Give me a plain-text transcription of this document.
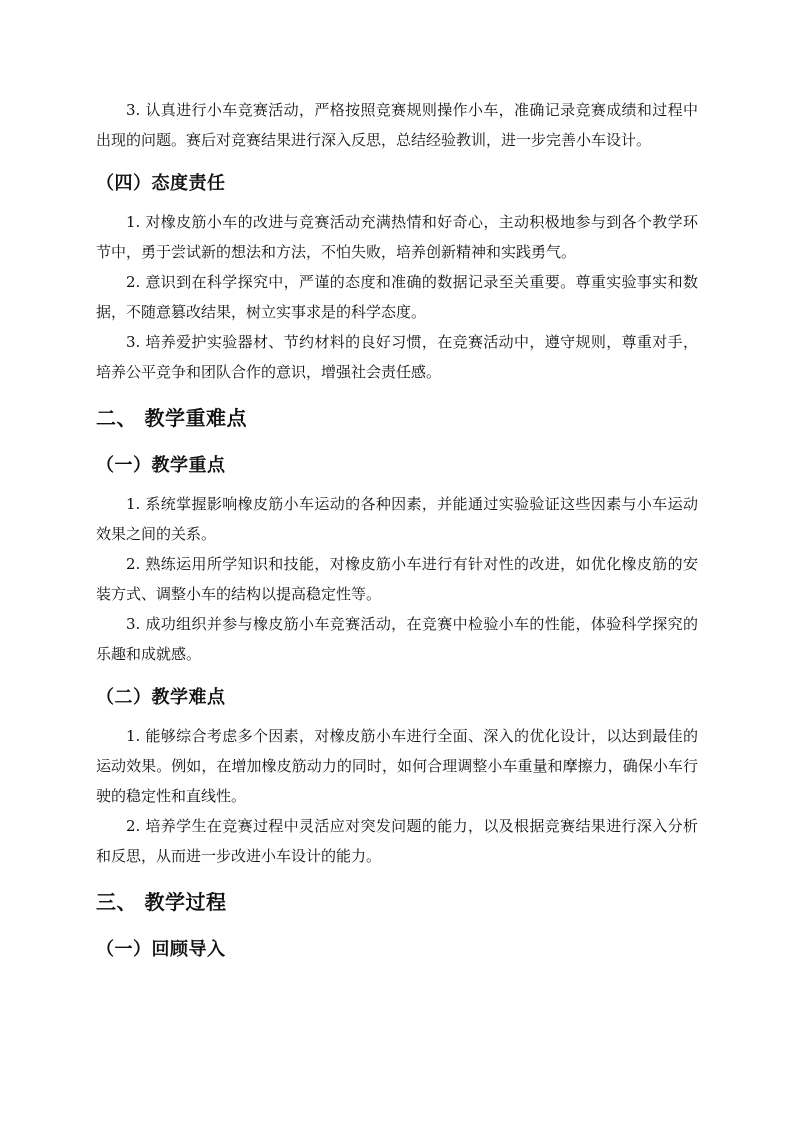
3. 认真进行小车竞赛活动，严格按照竞赛规则操作小车，准确记录竞赛成绩和过程中出现的问题。赛后对竞赛结果进行深入反思，总结经验教训，进一步完善小车设计。

（四）态度责任

1. 对橡皮筋小车的改进与竞赛活动充满热情和好奇心，主动积极地参与到各个教学环节中，勇于尝试新的想法和方法，不怕失败，培养创新精神和实践勇气。

2. 意识到在科学探究中，严谨的态度和准确的数据记录至关重要。尊重实验事实和数据，不随意篡改结果，树立实事求是的科学态度。

3. 培养爱护实验器材、节约材料的良好习惯，在竞赛活动中，遵守规则，尊重对手，培养公平竞争和团队合作的意识，增强社会责任感。

二、 教学重难点
（一）教学重点

1. 系统掌握影响橡皮筋小车运动的各种因素，并能通过实验验证这些因素与小车运动效果之间的关系。

2. 熟练运用所学知识和技能，对橡皮筋小车进行有针对性的改进，如优化橡皮筋的安装方式、调整小车的结构以提高稳定性等。

3. 成功组织并参与橡皮筋小车竞赛活动，在竞赛中检验小车的性能，体验科学探究的乐趣和成就感。

（二）教学难点

1. 能够综合考虑多个因素，对橡皮筋小车进行全面、深入的优化设计，以达到最佳的运动效果。例如，在增加橡皮筋动力的同时，如何合理调整小车重量和摩擦力，确保小车行驶的稳定性和直线性。

2. 培养学生在竞赛过程中灵活应对突发问题的能力，以及根据竞赛结果进行深入分析和反思，从而进一步改进小车设计的能力。

三、 教学过程
（一）回顾导入
